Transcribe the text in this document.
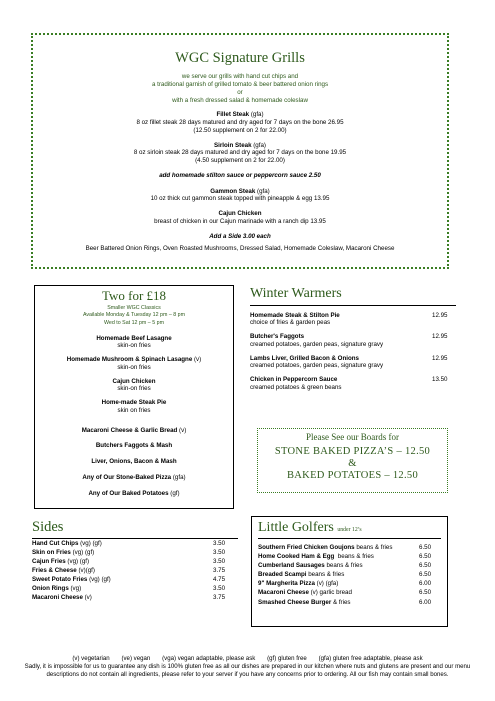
WGC Signature Grills
we serve our grills with hand cut chips and
a traditional garnish of grilled tomato & beer battered onion rings
or
with a fresh dressed salad & homemade coleslaw
Fillet Steak (gfa)
8 oz fillet steak 28 days matured and dry aged for 7 days on the bone 26.95
(12.50 supplement on 2 for 22.00)
Sirloin Steak (gfa)
8 oz sirloin steak 28 days matured and dry aged for 7 days on the bone 19.95
(4.50 supplement on 2 for 22.00)
add homemade stilton sauce or peppercorn sauce 2.50
Gammon Steak (gfa)
10 oz thick cut gammon steak topped with pineapple & egg 13.95
Cajun Chicken
breast of chicken in our Cajun marinade with a ranch dip 13.95
Add a Side 3.00 each
Beer Battered Onion Rings, Oven Roasted Mushrooms, Dressed Salad, Homemade Coleslaw, Macaroni Cheese
Two for £18
Smaller WGC Classics
Available Monday & Tuesday 12 pm – 8 pm
Wed to Sat 12 pm – 5 pm
Homemade Beef Lasagne
skin-on fries
Homemade Mushroom & Spinach Lasagne (v)
skin-on fries
Cajun Chicken
skin-on fries
Home-made Steak Pie
skin on fries
Macaroni Cheese & Garlic Bread (v)
Butchers Faggots & Mash
Liver, Onions, Bacon & Mash
Any of Our Stone-Baked Pizza (gfa)
Any of Our Baked Potatoes (gf)
Winter Warmers
Homemade Steak & Stilton Pie
choice of fries & garden peas
12.95
Butcher's Faggots
creamed potatoes, garden peas, signature gravy
12.95
Lambs Liver, Grilled Bacon & Onions
creamed potatoes, garden peas, signature gravy
12.95
Chicken in Peppercorn Sauce
creamed potatoes & green beans
13.50
Please See our Boards for
STONE BAKED PIZZA’S – 12.50
&
BAKED POTATOES – 12.50
Sides
Hand Cut Chips (vg) (gf)	3.50
Skin on Fries (vg) (gf)	3.50
Cajun Fries (vg) (gf)	3.50
Fries & Cheese (v)(gf)	3.75
Sweet Potato Fries (vg) (gf)	4.75
Onion Rings (vg)	3.50
Macaroni Cheese (v)	3.75
Little Golfers under 12’s
Southern Fried Chicken Goujons beans & fries	6.50
Home Cooked Ham & Egg  beans & fries	6.50
Cumberland Sausages beans & fries	6.50
Breaded Scampi beans & fries	6.50
9" Margherita Pizza (v) (gfa)	6.00
Macaroni Cheese (v) garlic bread	6.50
Smashed Cheese Burger & fries	6.00
(v) vegetarian       (ve) vegan       (vga) vegan adaptable, please ask       (gf) gluten free       (gfa) gluten free adaptable, please ask
Sadly, it is impossible for us to guarantee any dish is 100% gluten free as all our dishes are prepared in our kitchen where nuts and glutens are present and our menu descriptions do not contain all ingredients, please refer to your server if you have any concerns prior to ordering. All our fish may contain small bones.
